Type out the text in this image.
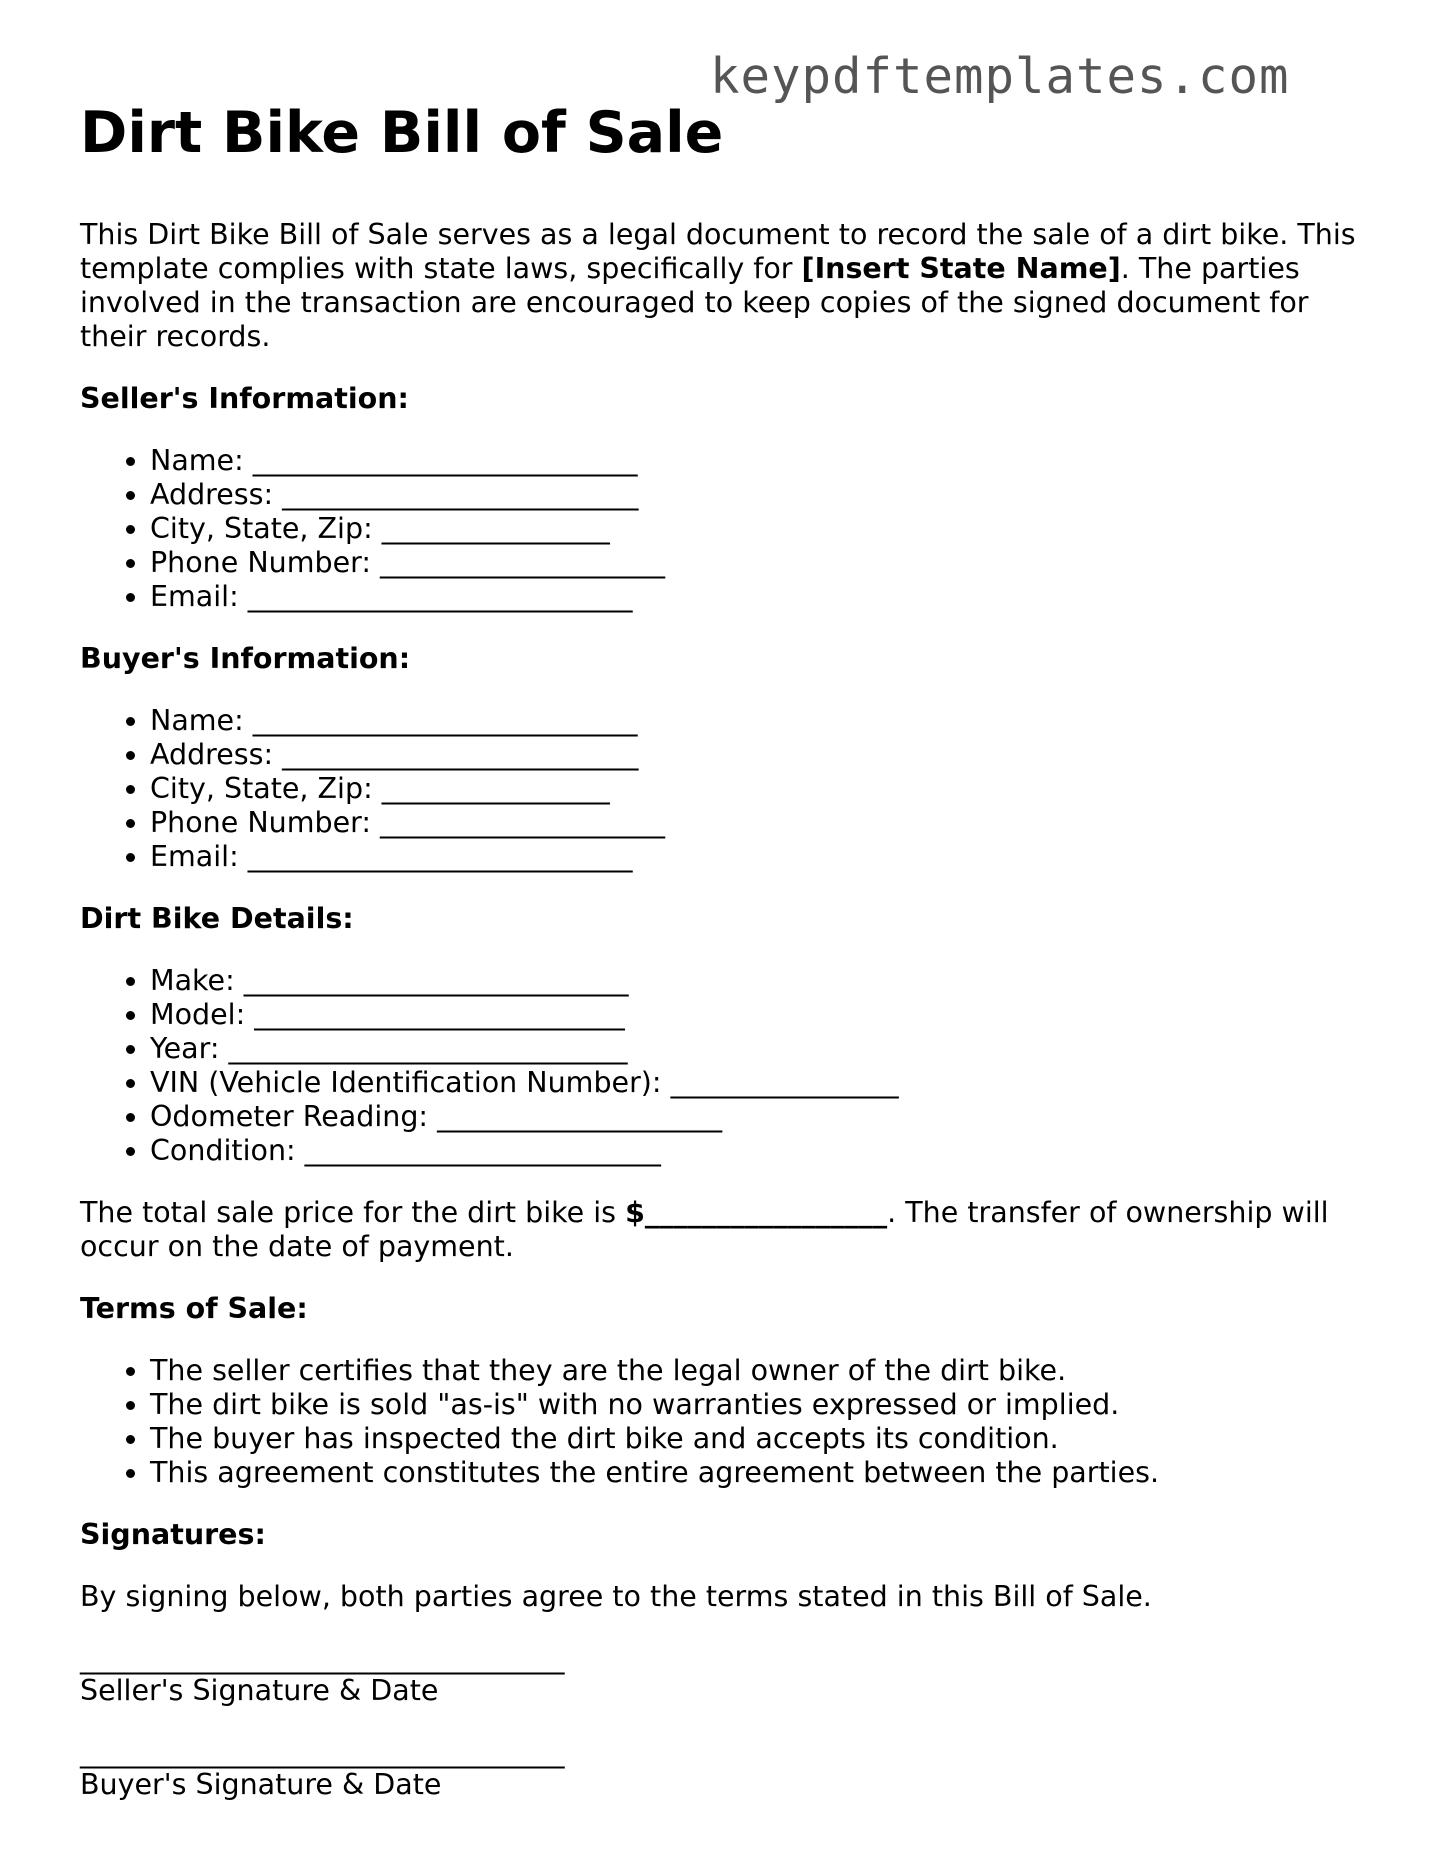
keypdftemplates.com
Dirt Bike Bill of Sale

This Dirt Bike Bill of Sale serves as a legal document to record the sale of a dirt bike. This template complies with state laws, specifically for [Insert State Name]. The parties involved in the transaction are encouraged to keep copies of the signed document for their records.

Seller's Information:
• Name: ___________________________
• Address: _________________________
• City, State, Zip: ________________
• Phone Number: ____________________
• Email: ___________________________
Buyer's Information:
• Name: ___________________________
• Address: _________________________
• City, State, Zip: ________________
• Phone Number: ____________________
• Email: ___________________________
Dirt Bike Details:
• Make: ___________________________
• Model: __________________________
• Year: ____________________________
• VIN (Vehicle Identification Number): ________________
• Odometer Reading: ____________________
• Condition: _________________________

The total sale price for the dirt bike is $_________________. The transfer of ownership will occur on the date of payment.

Terms of Sale:
• The seller certifies that they are the legal owner of the dirt bike.
• The dirt bike is sold "as-is" with no warranties expressed or implied.
• The buyer has inspected the dirt bike and accepts its condition.
• This agreement constitutes the entire agreement between the parties.
Signatures:

By signing below, both parties agree to the terms stated in this Bill of Sale.

__________________________________
Seller's Signature & Date
__________________________________
Buyer's Signature & Date
